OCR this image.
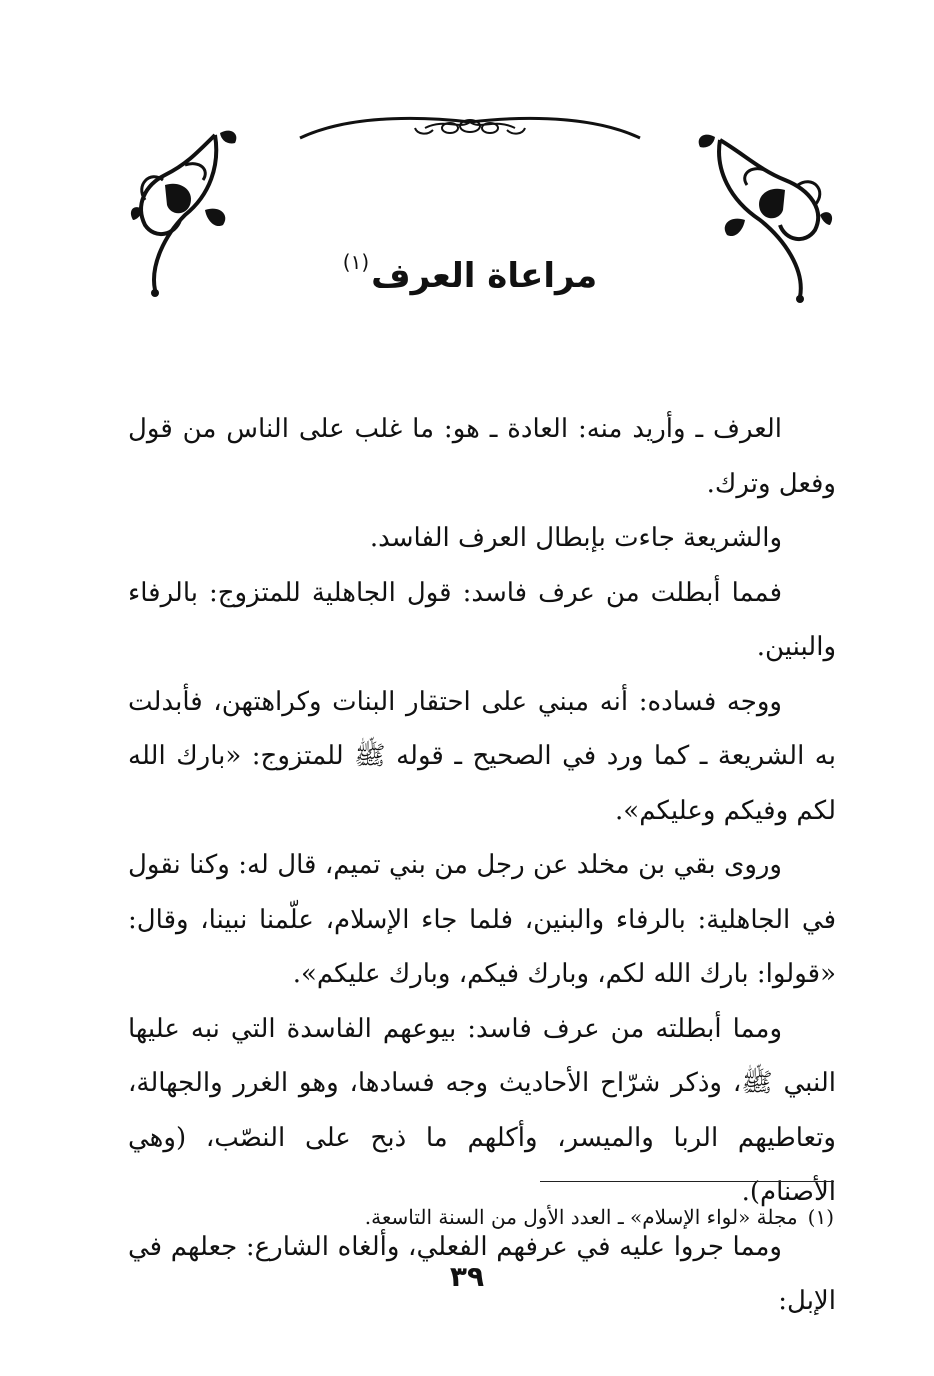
مراعاة العرف$^{(١)}$

العرف ـ وأريد منه: العادة ـ هو: ما غلب على الناس من قول وفعل وترك.

والشريعة جاءت بإبطال العرف الفاسد.

فمما أبطلت من عرف فاسد: قول الجاهلية للمتزوج: بالرفاء والبنين.

ووجه فساده: أنه مبني على احتقار البنات وكراهتهن، فأبدلت به الشريعة ـ كما ورد في الصحيح ـ قوله ﷺ للمتزوج: «بارك الله لكم وفيكم وعليكم».

وروى بقي بن مخلد عن رجل من بني تميم، قال له: وكنا نقول في الجاهلية: بالرفاء والبنين، فلما جاء الإسلام، علّمنا نبينا، وقال: «قولوا: بارك الله لكم، وبارك فيكم، وبارك عليكم».

ومما أبطلته من عرف فاسد: بيوعهم الفاسدة التي نبه عليها النبي ﷺ، وذكر شرّاح الأحاديث وجه فسادها، وهو الغرر والجهالة، وتعاطيهم الربا والميسر، وأكلهم ما ذبح على النصّب، (وهي الأصنام).

ومما جروا عليه في عرفهم الفعلي، وألغاه الشارع: جعلهم في الإبل:

(١)مجلة «لواء الإسلام» ـ العدد الأول من السنة التاسعة.
٣٩
